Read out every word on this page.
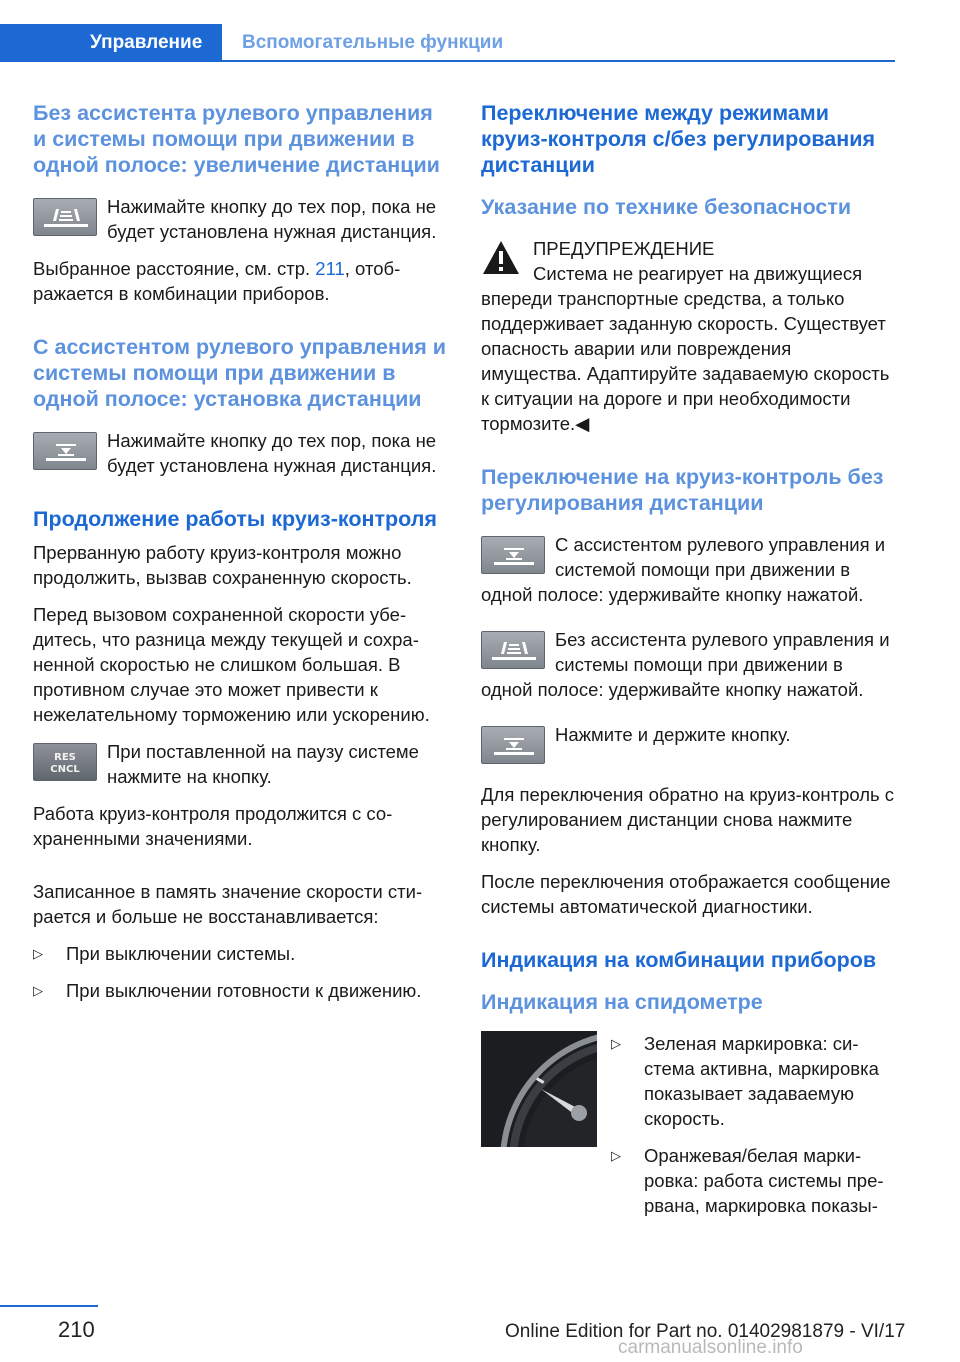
Управление	Вспомогательные функции
Без ассистента рулевого управления и системы помощи при движении в одной полосе: увеличение дистанции
Нажимайте кнопку до тех пор, пока не будет установлена нужная дистанция.

Выбранное расстояние, см. стр. 211, отображается в комбинации приборов.

С ассистентом рулевого управления и системы помощи при движении в одной полосе: установка дистанции
Нажимайте кнопку до тех пор, пока не будет установлена нужная дистанция.
Продолжение работы круиз-контроля

Прерванную работу круиз-контроля можно продолжить, вызвав сохраненную скорость.

Перед вызовом сохраненной скорости убедитесь, что разница между текущей и сохраненной скоростью не слишком большая. В противном случае это может привести к нежелательному торможению или ускорению.

RES
CNCL
При поставленной на паузу системе нажмите на кнопку.

Работа круиз-контроля продолжится с сохраненными значениями.

Записанное в память значение скорости стирается и больше не восстанавливается:

▷ При выключении системы.
▷ При выключении готовности к движению.
Переключение между режимами круиз-контроля с/без регулирования дистанции
Указание по технике безопасности
ПРЕДУПРЕЖДЕНИЕ
Система не реагирует на движущиеся впереди транспортные средства, а только поддерживает заданную скорость. Существует опасность аварии или повреждения имущества. Адаптируйте задаваемую скорость к ситуации на дороге и при необходимости тормозите.◀
Переключение на круиз-контроль без регулирования дистанции
С ассистентом рулевого управления и системой помощи при движении в одной полосе: удерживайте кнопку нажатой.
Без ассистента рулевого управления и системы помощи при движении в одной полосе: удерживайте кнопку нажатой.
Нажмите и держите кнопку.

Для переключения обратно на круиз-контроль с регулированием дистанции снова нажмите кнопку.

После переключения отображается сообщение системы автоматической диагностики.

Индикация на комбинации приборов
Индикация на спидометре
▷ Зеленая маркировка: система активна, маркировка показывает задаваемую скорость.
▷ Оранжевая/белая маркировка: работа системы прервана, маркировка показы-
210	Online Edition for Part no. 01402981879 - VI/17
carmanualsonline.info
